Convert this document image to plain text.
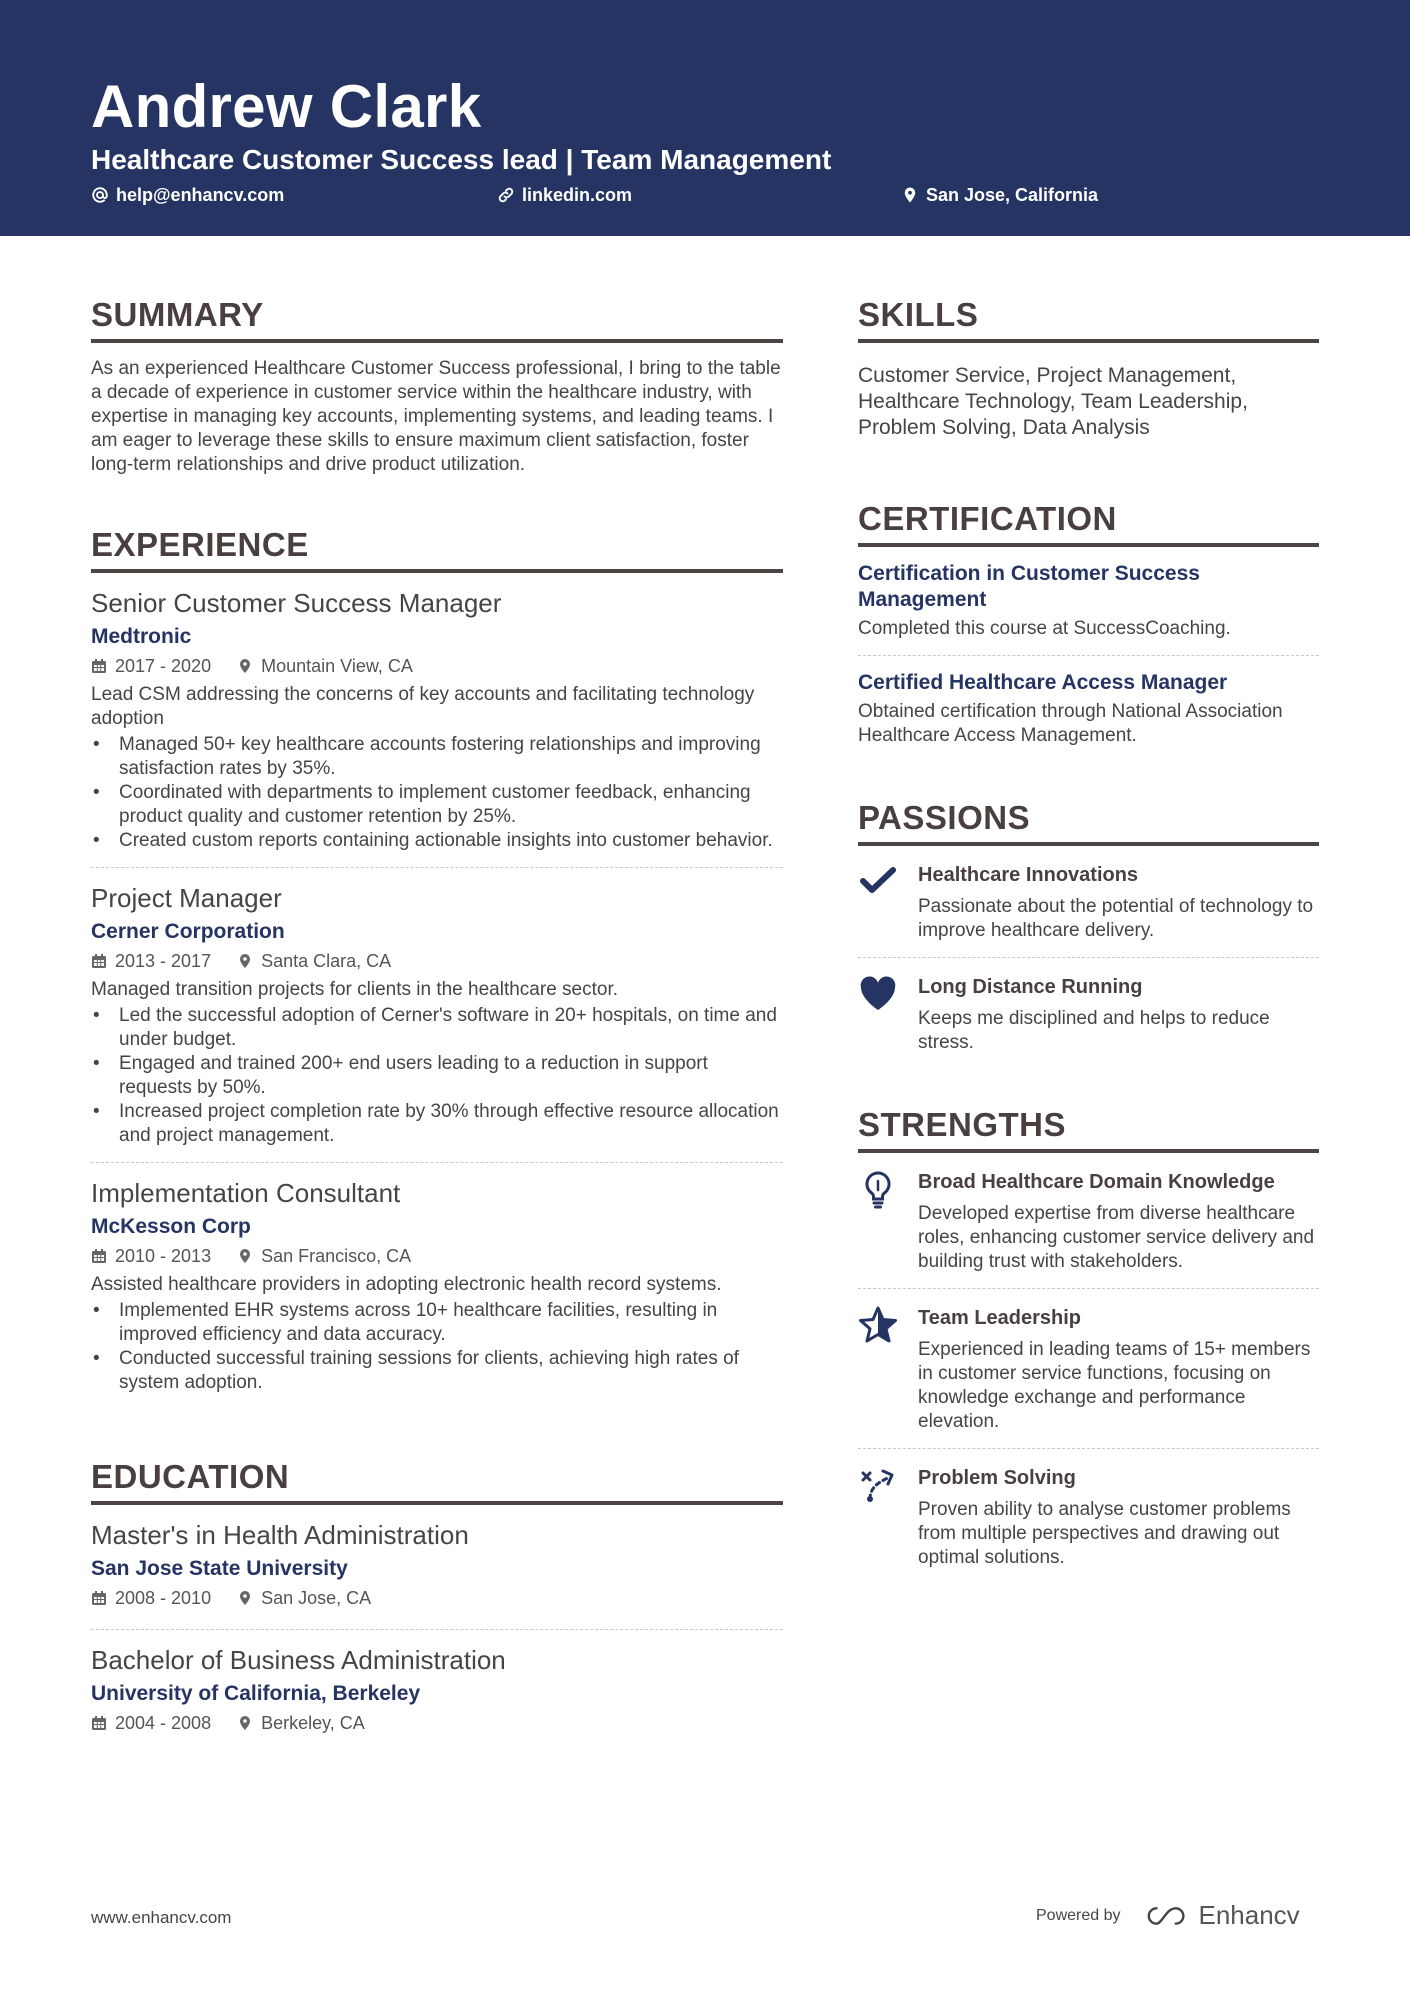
Andrew Clark
Healthcare Customer Success lead | Team Management
help@enhancv.com	linkedin.com	San Jose, California
SUMMARY

As an experienced Healthcare Customer Success professional, I bring to the table a decade of experience in customer service within the healthcare industry, with expertise in managing key accounts, implementing systems, and leading teams. I am eager to leverage these skills to ensure maximum client satisfaction, foster long-term relationships and drive product utilization.

EXPERIENCE
Senior Customer Success Manager
Medtronic
2017 - 2020	Mountain View, CA

Lead CSM addressing the concerns of key accounts and facilitating technology adoption

• Managed 50+ key healthcare accounts fostering relationships and improving satisfaction rates by 35%.
• Coordinated with departments to implement customer feedback, enhancing product quality and customer retention by 25%.
• Created custom reports containing actionable insights into customer behavior.
Project Manager
Cerner Corporation
2013 - 2017	Santa Clara, CA

Managed transition projects for clients in the healthcare sector.

• Led the successful adoption of Cerner's software in 20+ hospitals, on time and under budget.
• Engaged and trained 200+ end users leading to a reduction in support requests by 50%.
• Increased project completion rate by 30% through effective resource allocation and project management.
Implementation Consultant
McKesson Corp
2010 - 2013	San Francisco, CA

Assisted healthcare providers in adopting electronic health record systems.

• Implemented EHR systems across 10+ healthcare facilities, resulting in improved efficiency and data accuracy.
• Conducted successful training sessions for clients, achieving high rates of system adoption.
EDUCATION
Master's in Health Administration
San Jose State University
2008 - 2010	San Jose, CA
Bachelor of Business Administration
University of California, Berkeley
2004 - 2008	Berkeley, CA
SKILLS

Customer Service, Project Management, Healthcare Technology, Team Leadership, Problem Solving, Data Analysis

CERTIFICATION
Certification in Customer Success Management
Completed this course at SuccessCoaching.
Certified Healthcare Access Manager
Obtained certification through National Association Healthcare Access Management.
PASSIONS
Healthcare Innovations
Passionate about the potential of technology to improve healthcare delivery.
Long Distance Running
Keeps me disciplined and helps to reduce stress.
STRENGTHS
Broad Healthcare Domain Knowledge
Developed expertise from diverse healthcare roles, enhancing customer service delivery and building trust with stakeholders.
Team Leadership
Experienced in leading teams of 15+ members in customer service functions, focusing on knowledge exchange and performance elevation.
Problem Solving
Proven ability to analyse customer problems from multiple perspectives and drawing out optimal solutions.
www.enhancv.com	Powered by	Enhancv
